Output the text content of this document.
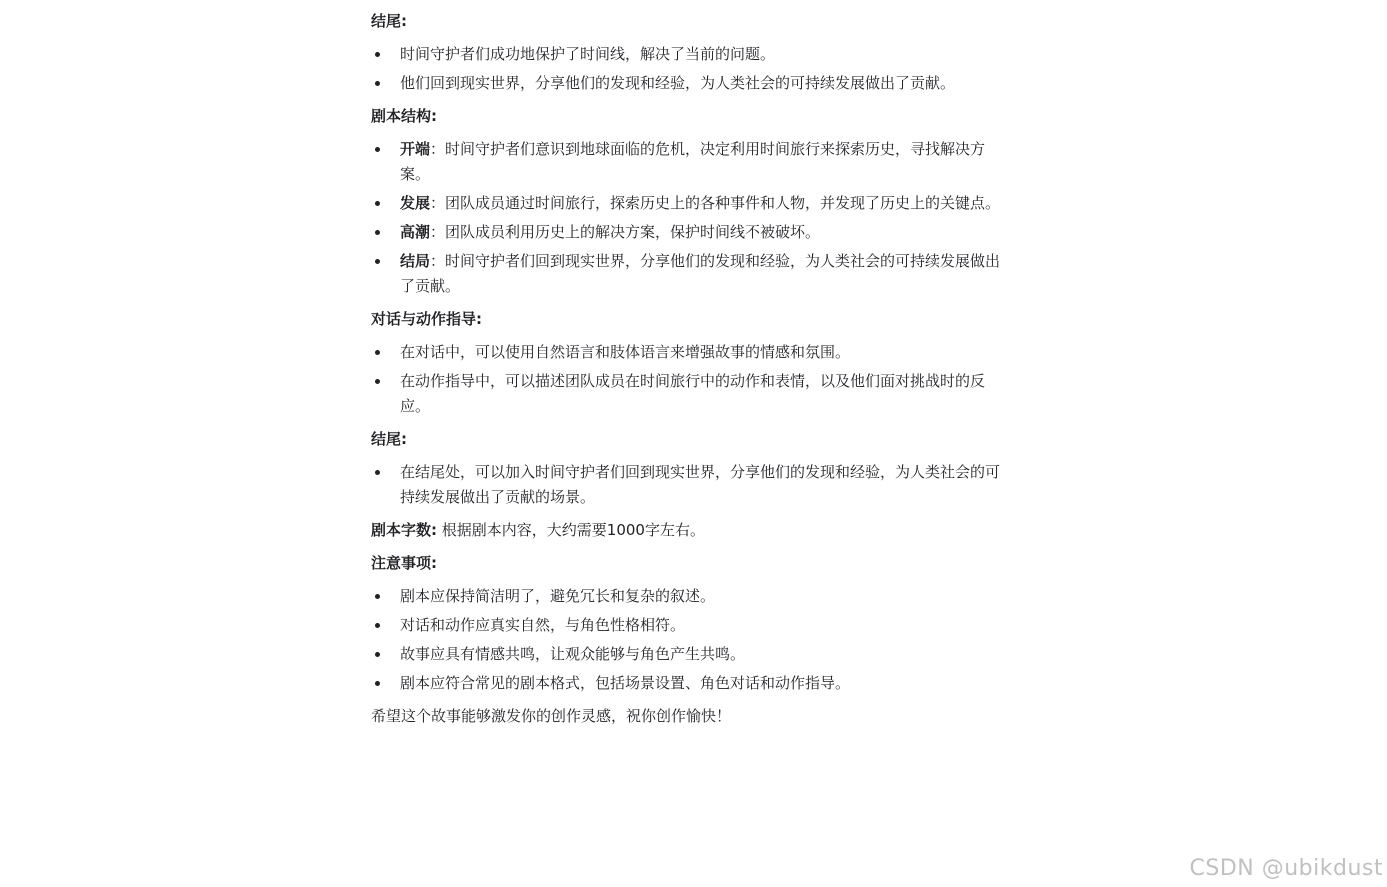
结尾:
时间守护者们成功地保护了时间线，解决了当前的问题。
他们回到现实世界，分享他们的发现和经验，为人类社会的可持续发展做出了贡献。
剧本结构:
开端：时间守护者们意识到地球面临的危机，决定利用时间旅行来探索历史，寻找解决方案。
发展：团队成员通过时间旅行，探索历史上的各种事件和人物，并发现了历史上的关键点。
高潮：团队成员利用历史上的解决方案，保护时间线不被破坏。
结局：时间守护者们回到现实世界，分享他们的发现和经验，为人类社会的可持续发展做出了贡献。
对话与动作指导:
在对话中，可以使用自然语言和肢体语言来增强故事的情感和氛围。
在动作指导中，可以描述团队成员在时间旅行中的动作和表情，以及他们面对挑战时的反应。
结尾:
在结尾处，可以加入时间守护者们回到现实世界，分享他们的发现和经验，为人类社会的可持续发展做出了贡献的场景。
剧本字数: 根据剧本内容，大约需要1000字左右。
注意事项:
剧本应保持简洁明了，避免冗长和复杂的叙述。
对话和动作应真实自然，与角色性格相符。
故事应具有情感共鸣，让观众能够与角色产生共鸣。
剧本应符合常见的剧本格式，包括场景设置、角色对话和动作指导。
希望这个故事能够激发你的创作灵感，祝你创作愉快！
CSDN @ubikdust
